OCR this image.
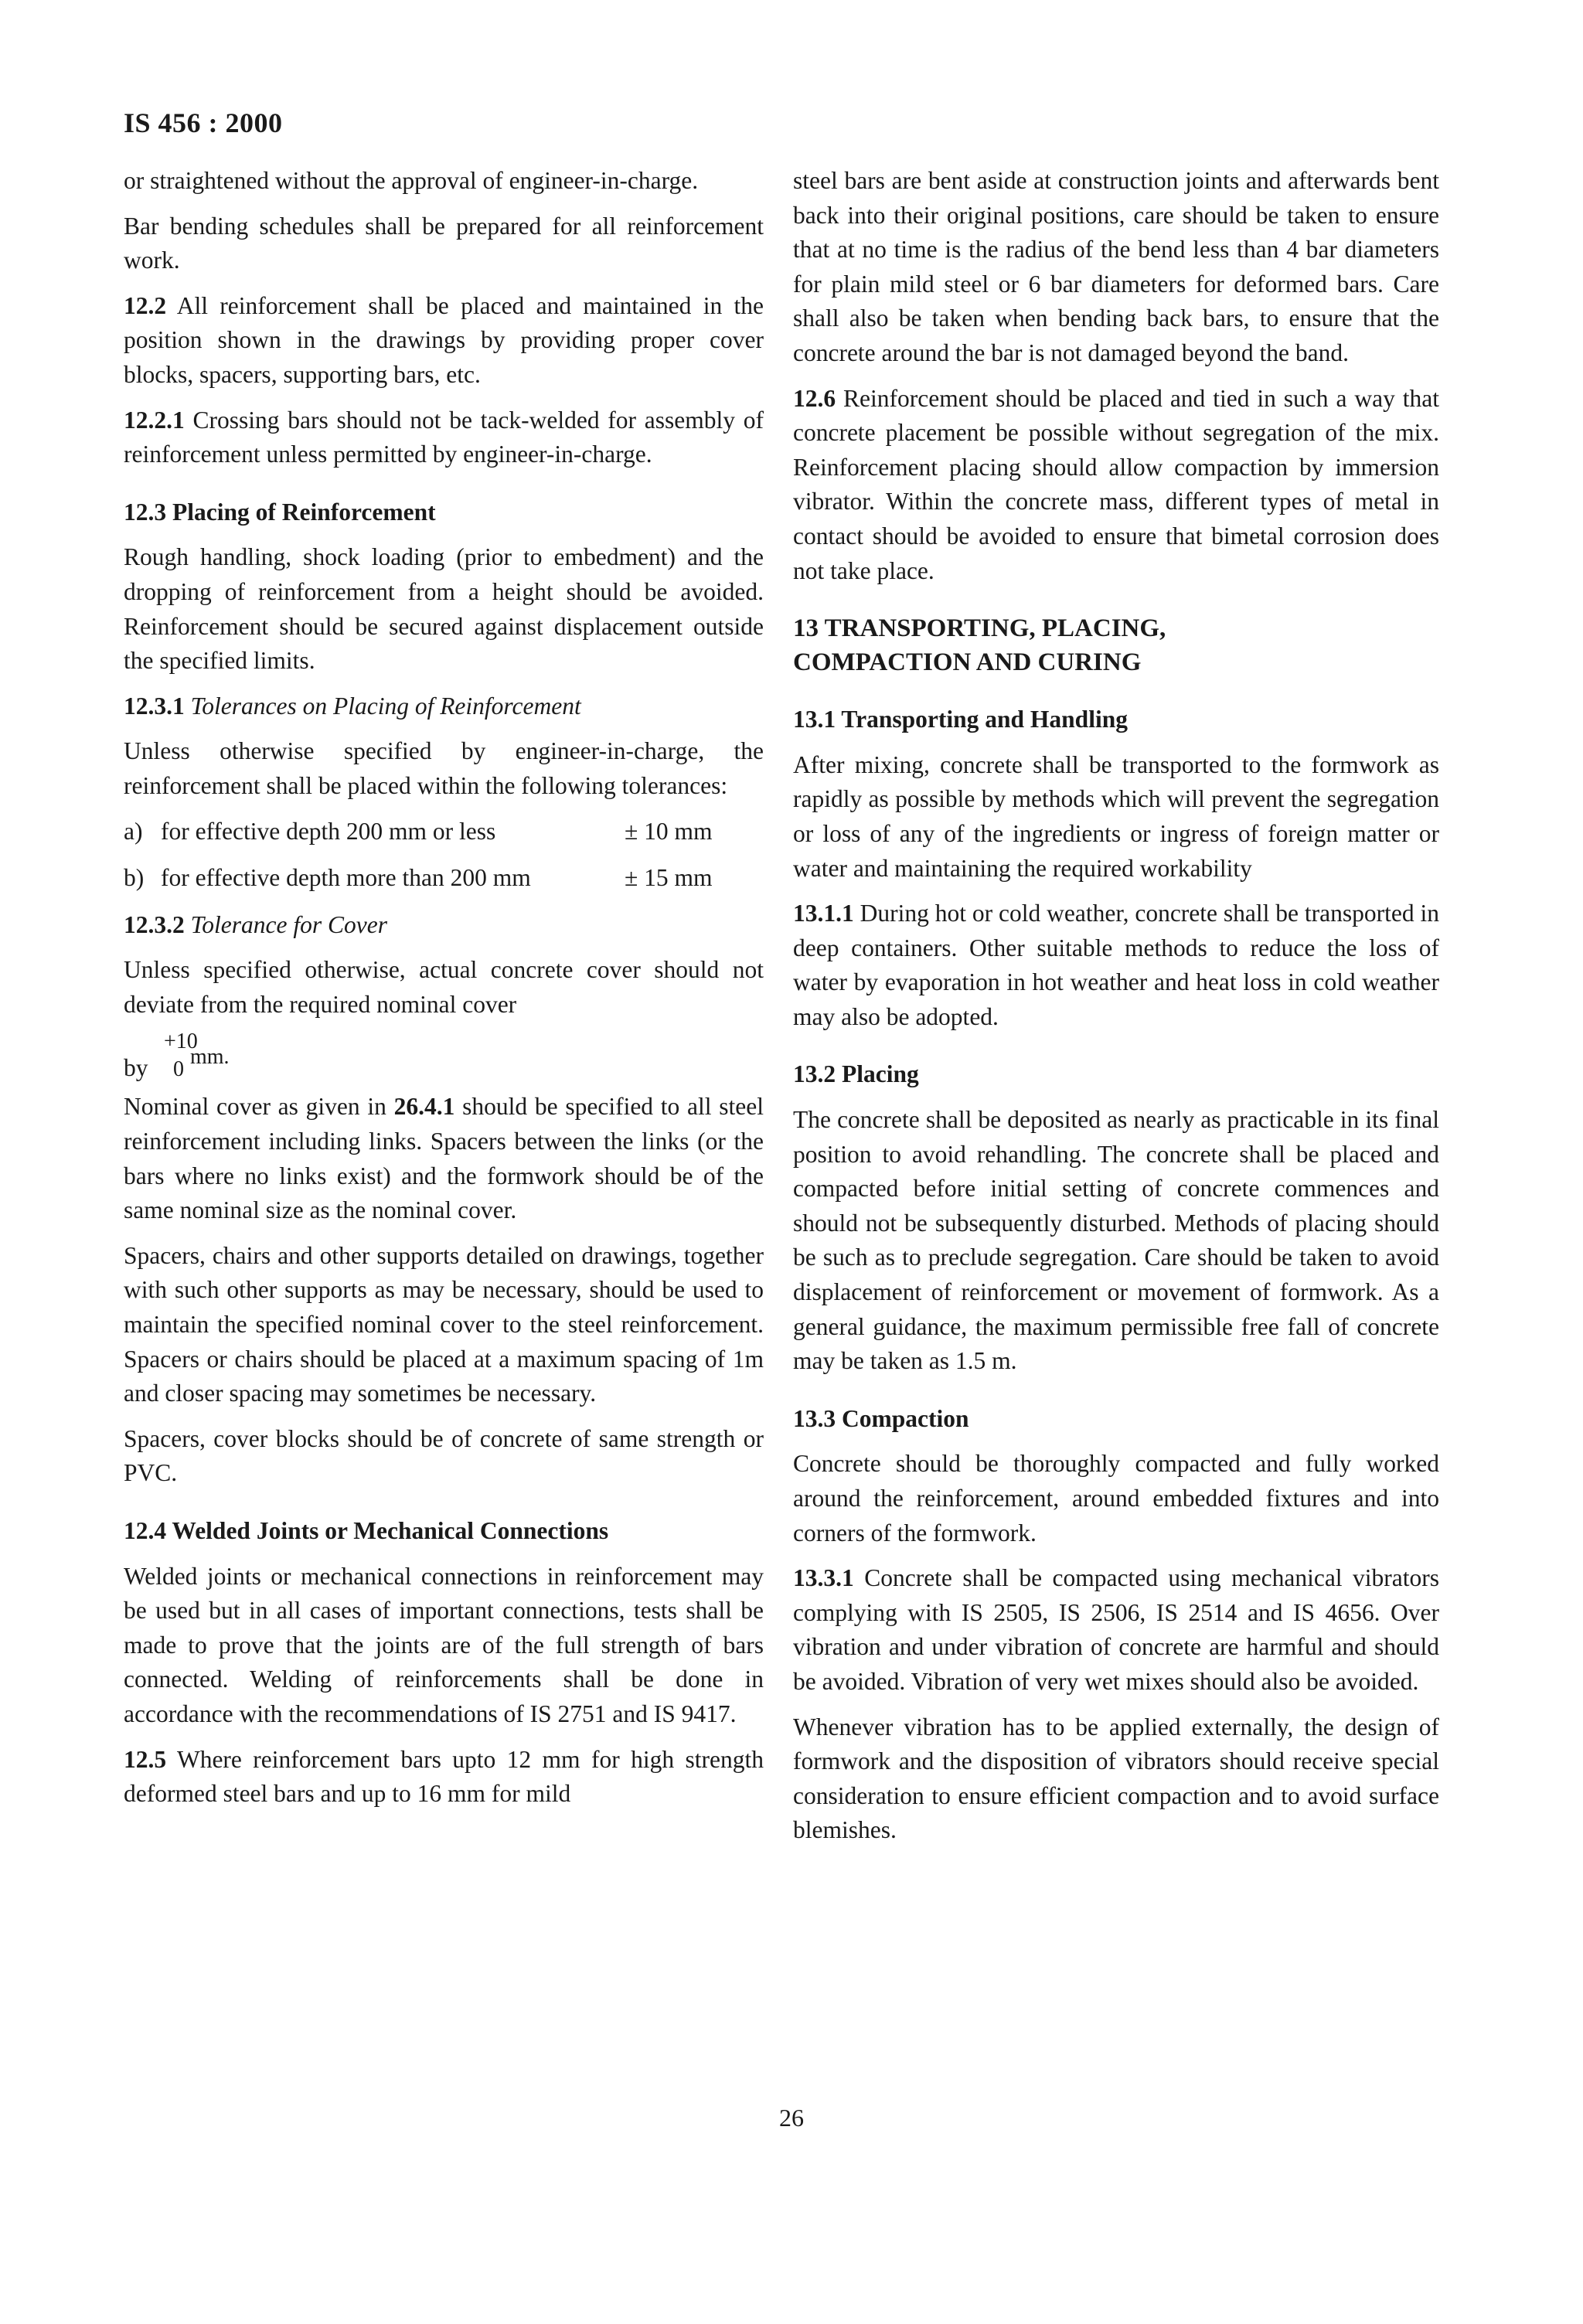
IS 456 : 2000

or straightened without the approval of engineer-in-charge.

Bar bending schedules shall be prepared for all reinforcement work.

12.2 All reinforcement shall be placed and maintained in the position shown in the drawings by providing proper cover blocks, spacers, supporting bars, etc.

12.2.1 Crossing bars should not be tack-welded for assembly of reinforcement unless permitted by engineer-in-charge.

12.3 Placing of Reinforcement

Rough handling, shock loading (prior to embedment) and the dropping of reinforcement from a height should be avoided. Reinforcement should be secured against displacement outside the specified limits.

12.3.1 Tolerances on Placing of Reinforcement

Unless otherwise specified by engineer-in-charge, the reinforcement shall be placed within the following tolerances:

a) for effective depth 200 mm or less	± 10 mm
b) for effective depth more than 200 mm	± 15 mm

12.3.2 Tolerance for Cover

Unless specified otherwise, actual concrete cover should not deviate from the required nominal cover

by
+10
0
mm.

Nominal cover as given in 26.4.1 should be specified to all steel reinforcement including links. Spacers between the links (or the bars where no links exist) and the formwork should be of the same nominal size as the nominal cover.

Spacers, chairs and other supports detailed on drawings, together with such other supports as may be necessary, should be used to maintain the specified nominal cover to the steel reinforcement. Spacers or chairs should be placed at a maximum spacing of 1m and closer spacing may sometimes be necessary.

Spacers, cover blocks should be of concrete of same strength or PVC.

12.4 Welded Joints or Mechanical Connections

Welded joints or mechanical connections in reinforcement may be used but in all cases of important connections, tests shall be made to prove that the joints are of the full strength of bars connected. Welding of reinforcements shall be done in accordance with the recommendations of IS 2751 and IS 9417.

12.5 Where reinforcement bars upto 12 mm for high strength deformed steel bars and up to 16 mm for mild

steel bars are bent aside at construction joints and afterwards bent back into their original positions, care should be taken to ensure that at no time is the radius of the bend less than 4 bar diameters for plain mild steel or 6 bar diameters for deformed bars. Care shall also be taken when bending back bars, to ensure that the concrete around the bar is not damaged beyond the band.

12.6 Reinforcement should be placed and tied in such a way that concrete placement be possible without segregation of the mix. Reinforcement placing should allow compaction by immersion vibrator. Within the concrete mass, different types of metal in contact should be avoided to ensure that bimetal corrosion does not take place.

13 TRANSPORTING, PLACING,
COMPACTION AND CURING
13.1 Transporting and Handling

After mixing, concrete shall be transported to the formwork as rapidly as possible by methods which will prevent the segregation or loss of any of the ingredients or ingress of foreign matter or water and maintaining the required workability

13.1.1 During hot or cold weather, concrete shall be transported in deep containers. Other suitable methods to reduce the loss of water by evaporation in hot weather and heat loss in cold weather may also be adopted.

13.2 Placing

The concrete shall be deposited as nearly as practicable in its final position to avoid rehandling. The concrete shall be placed and compacted before initial setting of concrete commences and should not be subsequently disturbed. Methods of placing should be such as to preclude segregation. Care should be taken to avoid displacement of reinforcement or movement of formwork. As a general guidance, the maximum permissible free fall of concrete may be taken as 1.5 m.

13.3 Compaction

Concrete should be thoroughly compacted and fully worked around the reinforcement, around embedded fixtures and into corners of the formwork.

13.3.1 Concrete shall be compacted using mechanical vibrators complying with IS 2505, IS 2506, IS 2514 and IS 4656. Over vibration and under vibration of concrete are harmful and should be avoided. Vibration of very wet mixes should also be avoided.

Whenever vibration has to be applied externally, the design of formwork and the disposition of vibrators should receive special consideration to ensure efficient compaction and to avoid surface blemishes.

26
